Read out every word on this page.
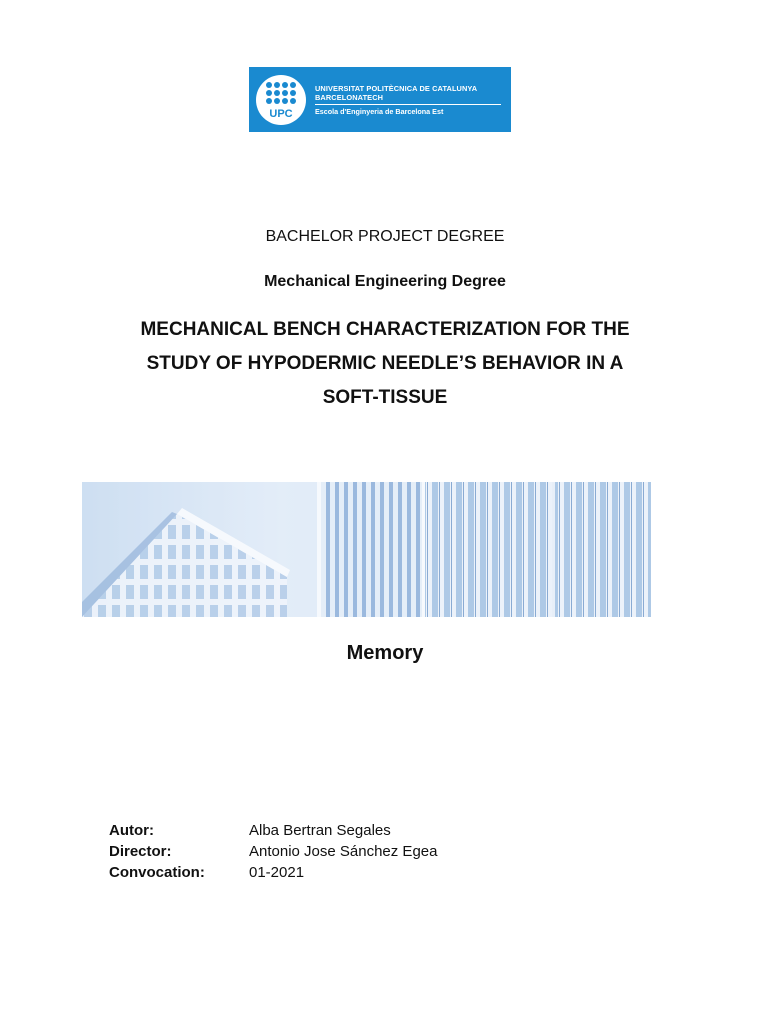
UPC
UNIVERSITAT POLITÈCNICA DE CATALUNYA
BARCELONATECH
Escola d'Enginyeria de Barcelona Est
BACHELOR PROJECT DEGREE
Mechanical Engineering Degree
MECHANICAL BENCH CHARACTERIZATION FOR THE
STUDY OF HYPODERMIC NEEDLE’S BEHAVIOR IN A
SOFT-TISSUE
Memory
Autor:	Alba Bertran Segales
Director:	Antonio Jose Sánchez Egea
Convocation:	01-2021
